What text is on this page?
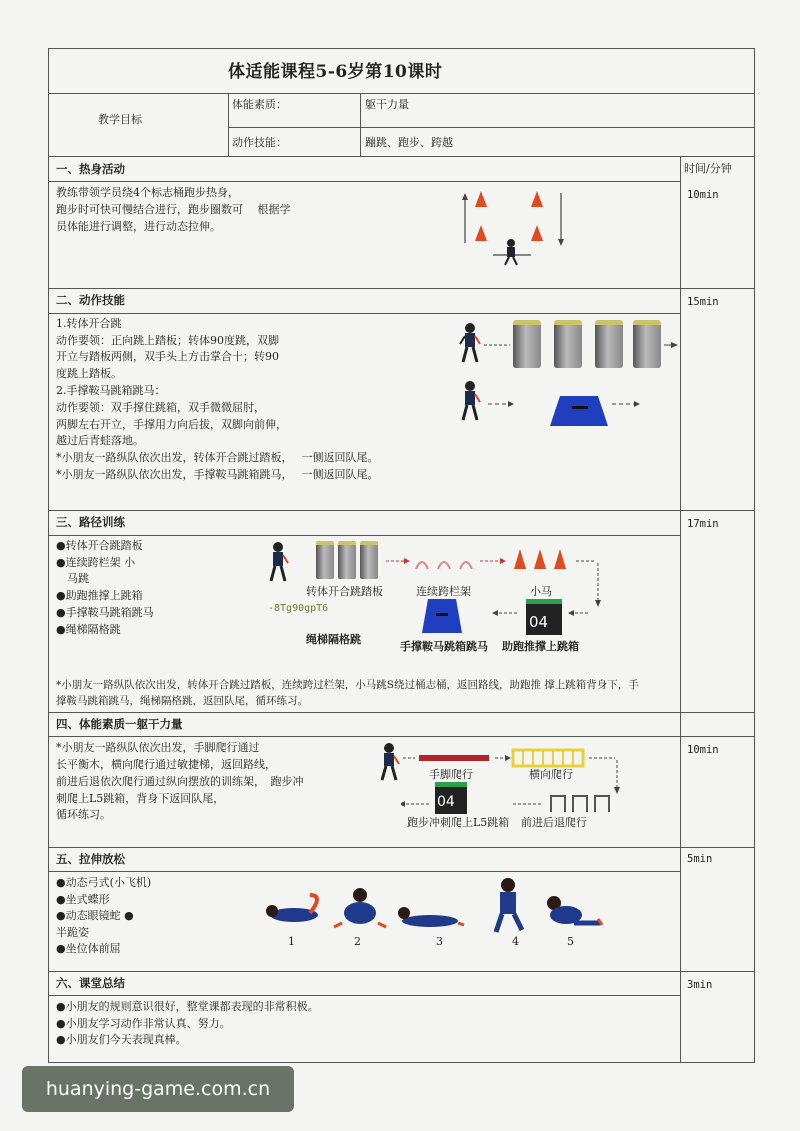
体适能课程5-6岁第10课时
教学目标
体能素质：	躯干力量
动作技能：	蹦跳、跑步、跨越
时间/分钟
一、热身活动
10min
教练带领学员绕4个标志桶跑步热身，
跑步时可快可慢结合进行，跑步圈数可　 根据学
员体能进行调整，进行动态拉伸。
二、动作技能	15min
1.转体开合跳
动作要领：正向跳上踏板；转体90度跳，双脚
开立与踏板两侧，双手头上方击掌合十；转90
度跳上踏板。
2.手撑鞍马跳箱跳马：
动作要领：双手撑住跳箱，双手微微屈肘，
两脚左右开立，手撑用力向后拔，双脚向前伸，
越过后青蛙落地。
*小朋友一路纵队依次出发，转体开合跳过踏板，　 一侧返回队尾。
*小朋友一路纵队依次出发，手撑鞍马跳箱跳马，　 一侧返回队尾。
三、路径训练	17min
●转体开合跳踏板
●连续跨栏架 小
　马跳
●助跑推撑上跳箱
●手撑鞍马跳箱跳马
●绳梯隔格跳
转体开合跳踏板	连续跨栏架	小马
04
-8Tg90gpT6
绳梯隔格跳
手撑鞍马跳箱跳马 助跑推撑上跳箱
*小朋友一路纵队依次出发，转体开合跳过踏板，连续跨过栏架，小马跳S绕过桶志桶，返回路线，助跑推 撑上跳箱背身下，手
撑鞍马跳箱跳马，绳梯隔格跳，返回队尾，循环练习。
四、体能素质一躯干力量
10min
*小朋友一路纵队依次出发，手脚爬行通过
长平衡木，横向爬行通过敏捷梯，返回路线，
前进后退依次爬行通过纵向摆放的训练架，　跑步冲
刺爬上L5跳箱，背身下返回队尾，
循环练习。
手脚爬行	横向爬行
04
跑步冲刺爬上L5跳箱 前进后退爬行
五、拉伸放松	5min
●动态弓式(小飞机)
●坐式蝶形
●动态眼镜蛇 ●
半跪姿
●坐位体前屈
1	2	3	4	5
六、课堂总结	3min
●小朋友的规则意识很好，整堂课都表现的非常积极。
●小朋友学习动作非常认真、努力。
●小朋友们今天表现真棒。
huanying-game.com.cn
